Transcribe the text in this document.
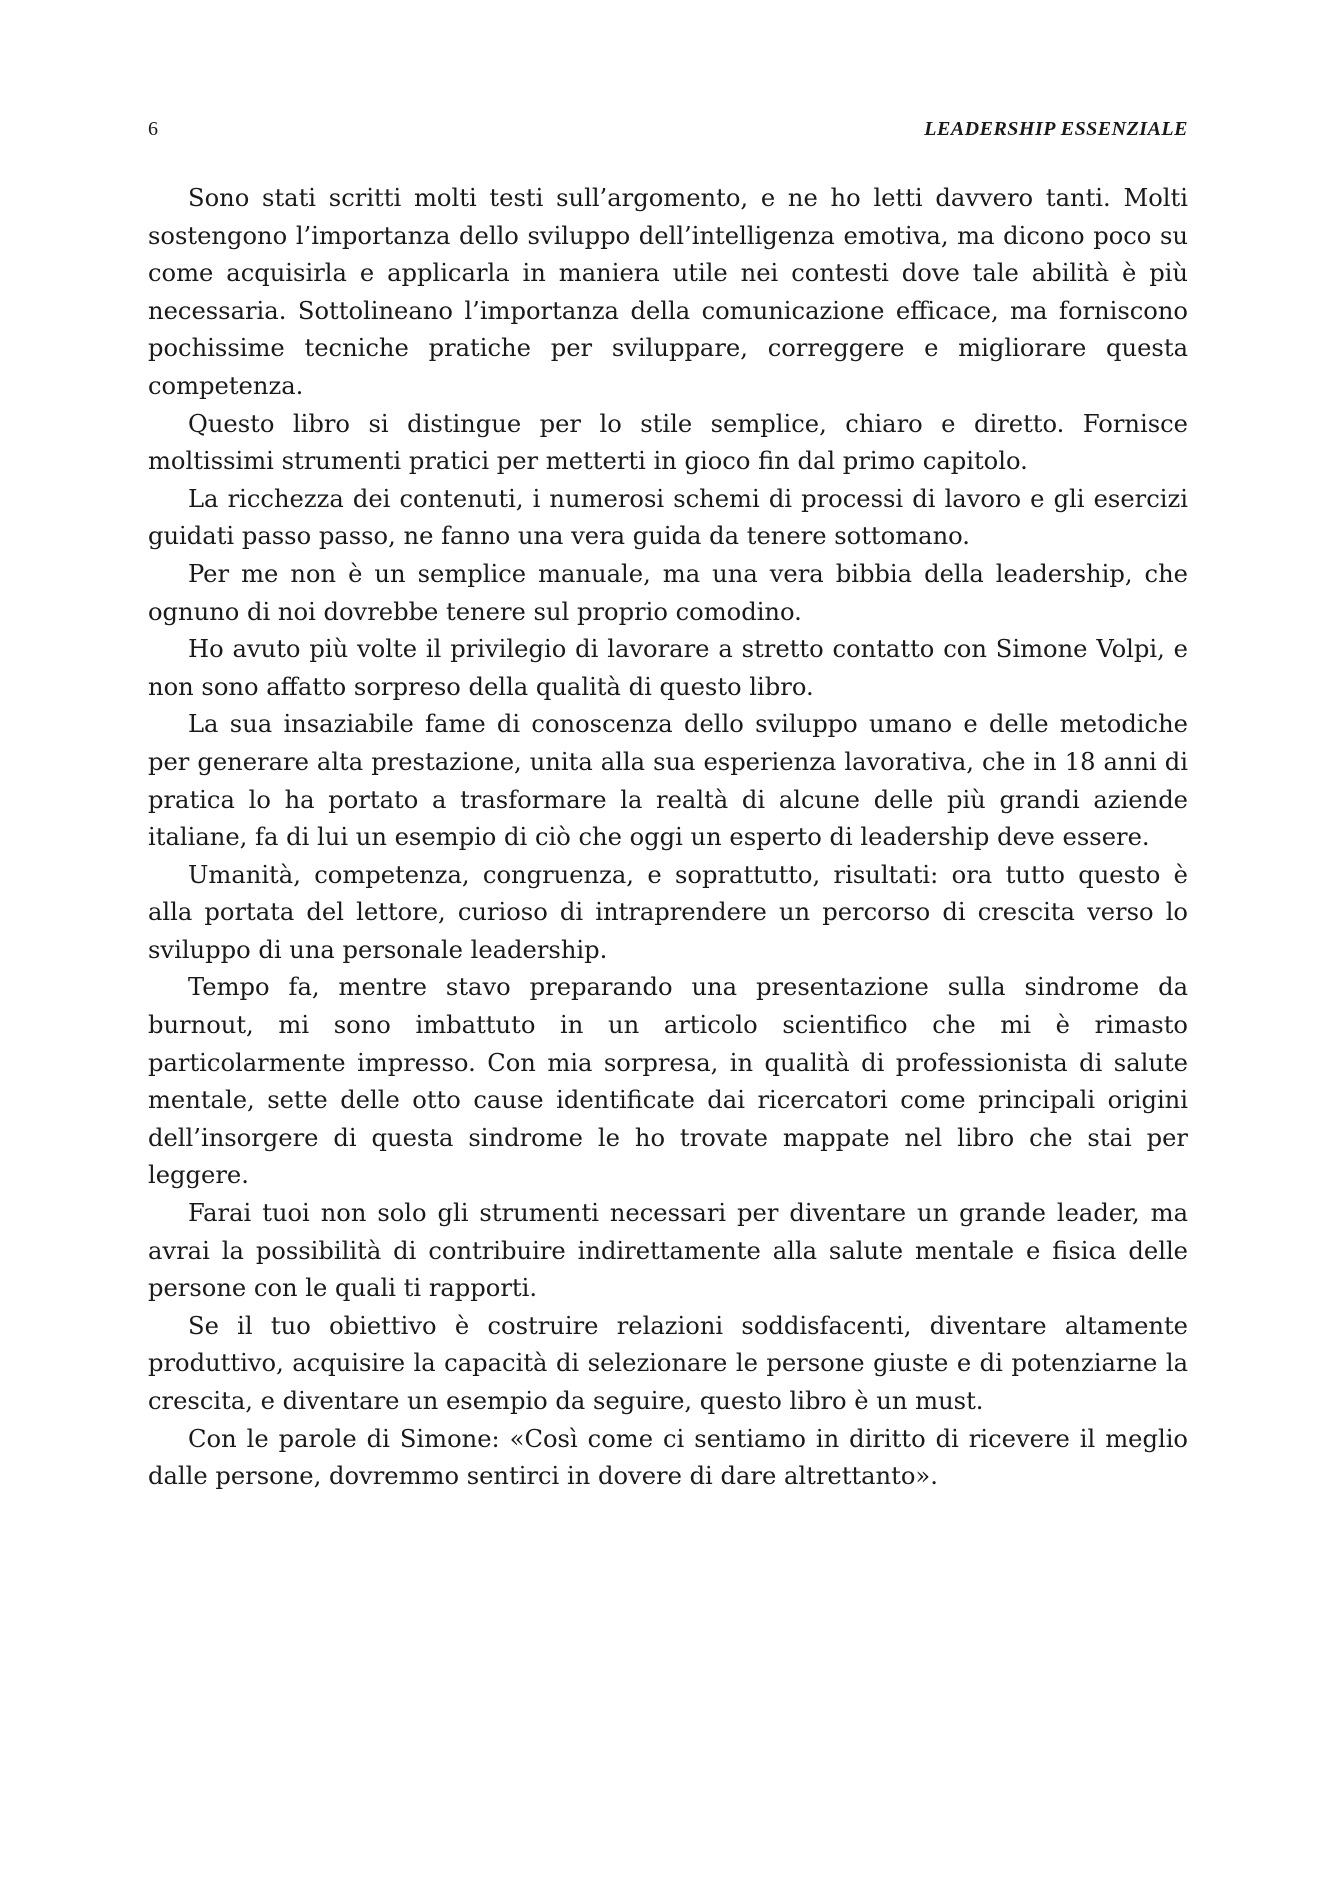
6	LEADERSHIP ESSENZIALE

Sono stati scritti molti testi sull’argomento, e ne ho letti davvero tanti. Molti sostengono l’importanza dello sviluppo dell’intelligenza emotiva, ma dicono poco su come acquisirla e applicarla in maniera utile nei contesti dove tale abilità è più necessaria. Sottolineano l’importanza della comunicazione efficace, ma forniscono pochissime tecniche pratiche per sviluppare, correggere e migliorare questa competenza.

Questo libro si distingue per lo stile semplice, chiaro e diretto. Fornisce moltissimi strumenti pratici per metterti in gioco fin dal primo capitolo.

La ricchezza dei contenuti, i numerosi schemi di processi di lavoro e gli esercizi guidati passo passo, ne fanno una vera guida da tenere sottomano.

Per me non è un semplice manuale, ma una vera bibbia della leadership, che ognuno di noi dovrebbe tenere sul proprio comodino.

Ho avuto più volte il privilegio di lavorare a stretto contatto con Simone Volpi, e non sono affatto sorpreso della qualità di questo libro.

La sua insaziabile fame di conoscenza dello sviluppo umano e delle metodiche per generare alta prestazione, unita alla sua esperienza lavorativa, che in 18 anni di pratica lo ha portato a trasformare la realtà di alcune delle più grandi aziende italiane, fa di lui un esempio di ciò che oggi un esperto di leadership deve essere.

Umanità, competenza, congruenza, e soprattutto, risultati: ora tutto questo è alla portata del lettore, curioso di intraprendere un percorso di crescita verso lo sviluppo di una personale leadership.

Tempo fa, mentre stavo preparando una presentazione sulla sindrome da burnout, mi sono imbattuto in un articolo scientifico che mi è rimasto particolarmente impresso. Con mia sorpresa, in qualità di professionista di salute mentale, sette delle otto cause identificate dai ricercatori come principali origini dell’insorgere di questa sindrome le ho trovate mappate nel libro che stai per leggere.

Farai tuoi non solo gli strumenti necessari per diventare un grande leader, ma avrai la possibilità di contribuire indirettamente alla salute mentale e fisica delle persone con le quali ti rapporti.

Se il tuo obiettivo è costruire relazioni soddisfacenti, diventare altamente produttivo, acquisire la capacità di selezionare le persone giuste e di potenziarne la crescita, e diventare un esempio da seguire, questo libro è un must.

Con le parole di Simone: «Così come ci sentiamo in diritto di ricevere il meglio dalle persone, dovremmo sentirci in dovere di dare altrettanto».
